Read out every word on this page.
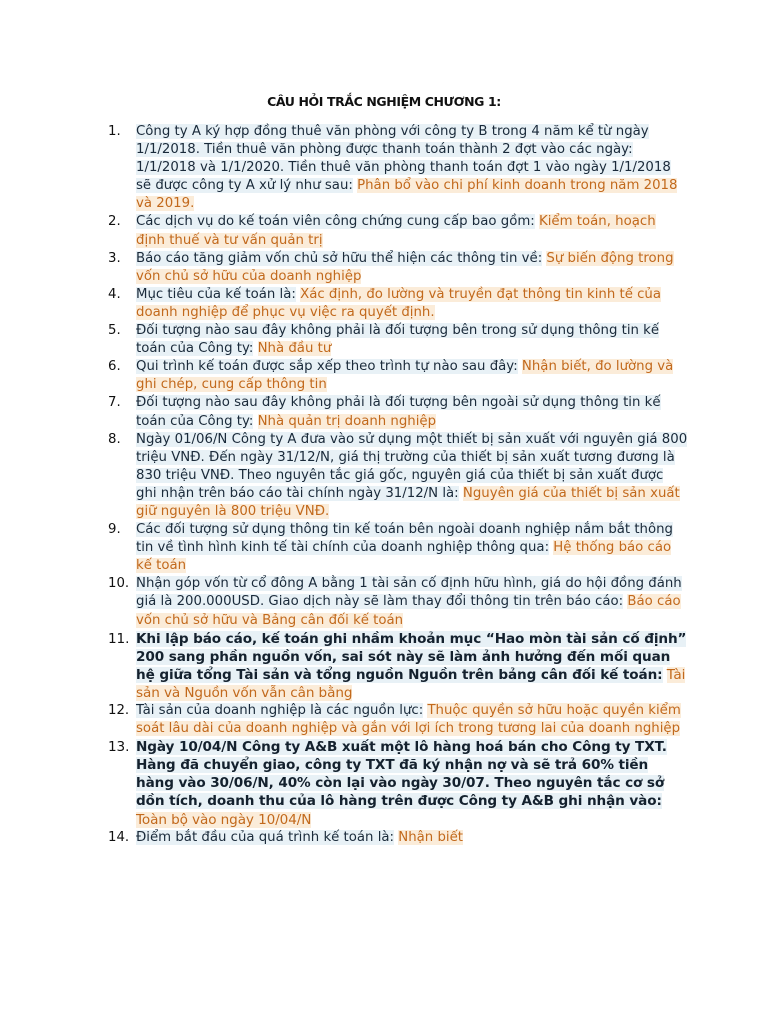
CÂU HỎI TRẮC NGHIỆM CHƯƠNG 1:
1.	Công ty A ký hợp đồng thuê văn phòng với công ty B trong 4 năm kể từ ngày 1/1/2018. Tiền thuê văn phòng được thanh toán thành 2 đợt vào các ngày: 1/1/2018 và 1/1/2020. Tiền thuê văn phòng thanh toán đợt 1 vào ngày 1/1/2018 sẽ được công ty A xử lý như sau: Phân bổ vào chi phí kinh doanh trong năm 2018 và 2019.
2.	Các dịch vụ do kế toán viên công chứng cung cấp bao gồm: Kiểm toán, hoạch định thuế và tư vấn quản trị
3.	Báo cáo tăng giảm vốn chủ sở hữu thể hiện các thông tin về: Sự biến động trong vốn chủ sở hữu của doanh nghiệp
4.	Mục tiêu của kế toán là: Xác định, đo lường và truyền đạt thông tin kinh tế của doanh nghiệp để phục vụ việc ra quyết định.
5.	Đối tượng nào sau đây không phải là đối tượng bên trong sử dụng thông tin kế toán của Công ty: Nhà đầu tư
6.	Qui trình kế toán được sắp xếp theo trình tự nào sau đây: Nhận biết, đo lường và ghi chép, cung cấp thông tin
7.	Đối tượng nào sau đây không phải là đối tượng bên ngoài sử dụng thông tin kế toán của Công ty: Nhà quản trị doanh nghiệp
8.	Ngày 01/06/N Công ty A đưa vào sử dụng một thiết bị sản xuất với nguyên giá 800 triệu VNĐ. Đến ngày 31/12/N, giá thị trường của thiết bị sản xuất tương đương là 830 triệu VNĐ. Theo nguyên tắc giá gốc, nguyên giá của thiết bị sản xuất được ghi nhận trên báo cáo tài chính ngày 31/12/N là: Nguyên giá của thiết bị sản xuất giữ nguyên là 800 triệu VNĐ.
9.	Các đối tượng sử dụng thông tin kế toán bên ngoài doanh nghiệp nắm bắt thông tin về tình hình kinh tế tài chính của doanh nghiệp thông qua: Hệ thống báo cáo kế toán
10. Nhận góp vốn từ cổ đông A bằng 1 tài sản cố định hữu hình, giá do hội đồng đánh giá là 200.000USD. Giao dịch này sẽ làm thay đổi thông tin trên báo cáo: Báo cáo vốn chủ sở hữu và Bảng cân đối kế toán
11. Khi lập báo cáo, kế toán ghi nhầm khoản mục “Hao mòn tài sản cố định” 200 sang phần nguồn vốn, sai sót này sẽ làm ảnh hưởng đến mối quan hệ giữa tổng Tài sản và tổng nguồn Nguồn trên bảng cân đối kế toán: Tài sản và Nguồn vốn vẫn cân bằng
12. Tài sản của doanh nghiệp là các nguồn lực: Thuộc quyền sở hữu hoặc quyền kiểm soát lâu dài của doanh nghiệp và gắn với lợi ích trong tương lai của doanh nghiệp
13. Ngày 10/04/N Công ty A&B xuất một lô hàng hoá bán cho Công ty TXT. Hàng đã chuyển giao, công ty TXT đã ký nhận nợ và sẽ trả 60% tiền hàng vào 30/06/N, 40% còn lại vào ngày 30/07. Theo nguyên tắc cơ sở dồn tích, doanh thu của lô hàng trên được Công ty A&B ghi nhận vào: Toàn bộ vào ngày 10/04/N
14. Điểm bắt đầu của quá trình kế toán là: Nhận biết
